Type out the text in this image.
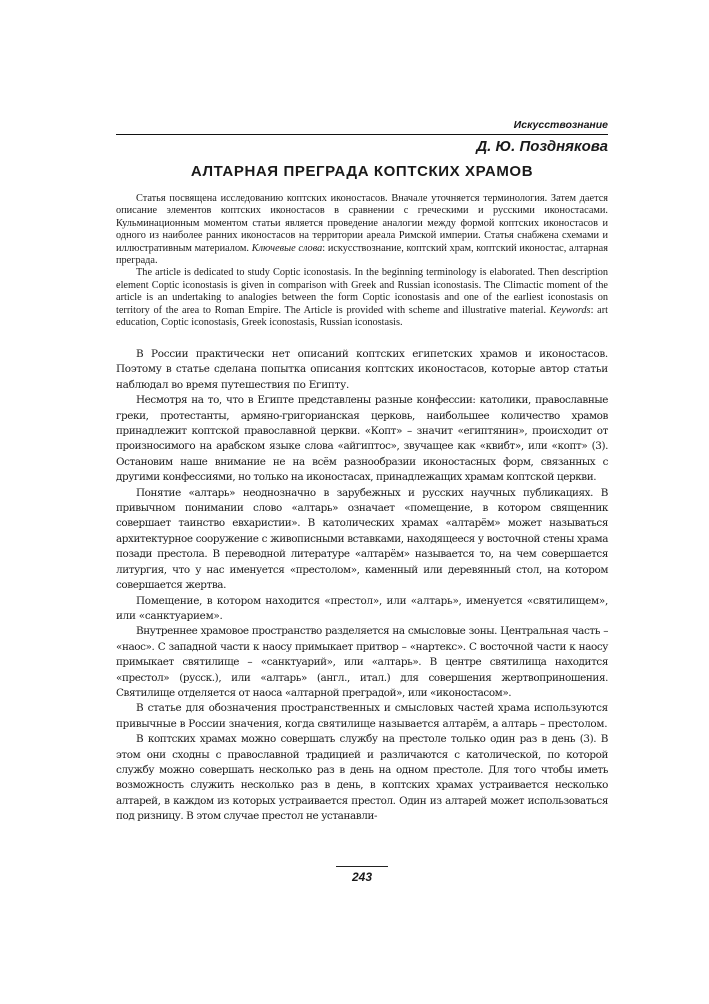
Искусствознание

Д. Ю. Позднякова

АЛТАРНАЯ ПРЕГРАДА КОПТСКИХ ХРАМОВ

Статья посвящена исследованию коптских иконостасов. Вначале уточняется терминология. Затем дается описание элементов коптских иконостасов в сравнении с греческими и русскими иконостасами. Кульминационным моментом статьи является проведение аналогии между формой коптских иконостасов и одного из наиболее ранних иконостасов на территории ареала Римской империи. Статья снабжена схемами и иллюстративным материалом. Ключевые слова: искусствознание, коптский храм, коптский иконостас, алтарная преграда.

The article is dedicated to study Coptic iconostasis. In the beginning terminology is elaborated. Then description element Coptic iconostasis is given in comparison with Greek and Russian iconostasis. The Climactic moment of the article is an undertaking to analogies between the form Coptic iconostasis and one of the earliest iconostasis on territory of the area to Roman Empire. The Article is provided with scheme and illustrative material. Keywords: art education, Coptic iconostasis, Greek iconostasis, Russian iconostasis.

В России практически нет описаний коптских египетских храмов и иконостасов. Поэтому в статье сделана попытка описания коптских иконостасов, которые автор статьи наблюдал во время путешествия по Египту.

Несмотря на то, что в Египте представлены разные конфессии: католики, православные греки, протестанты, армяно-григорианская церковь, наибольшее количество храмов принадлежит коптской православной церкви. «Копт» – значит «египтянин», происходит от произносимого на арабском языке слова «айгиптос», звучащее как «квибт», или «копт» (3). Остановим наше внимание не на всём разнообразии иконостасных форм, связанных с другими конфессиями, но только на иконостасах, принадлежащих храмам коптской церкви.

Понятие «алтарь» неоднозначно в зарубежных и русских научных публикациях. В привычном понимании слово «алтарь» означает «помещение, в котором священник совершает таинство евхаристии». В католических храмах «алтарём» может называться архитектурное сооружение с живописными вставками, находящееся у восточной стены храма позади престола. В переводной литературе «алтарём» называется то, на чем совершается литургия, что у нас именуется «престолом», каменный или деревянный стол, на котором совершается жертва.

Помещение, в котором находится «престол», или «алтарь», именуется «святилищем», или «санктуарием».

Внутреннее храмовое пространство разделяется на смысловые зоны. Центральная часть – «наос». С западной части к наосу примыкает притвор – «нартекс». С восточной части к наосу примыкает святилище – «санктуарий», или «алтарь». В центре святилища находится «престол» (русск.), или «алтарь» (англ., итал.) для совершения жертвоприношения. Святилище отделяется от наоса «алтарной преградой», или «иконостасом».

В статье для обозначения пространственных и смысловых частей храма используются привычные в России значения, когда святилище называется алтарём, а алтарь – престолом.

В коптских храмах можно совершать службу на престоле только один раз в день (3). В этом они сходны с православной традицией и различаются с католической, по которой службу можно совершать несколько раз в день на одном престоле. Для того чтобы иметь возможность служить несколько раз в день, в коптских храмах устраивается несколько алтарей, в каждом из которых устраивается престол. Один из алтарей может использоваться под ризницу. В этом случае престол не устанавли-

243
